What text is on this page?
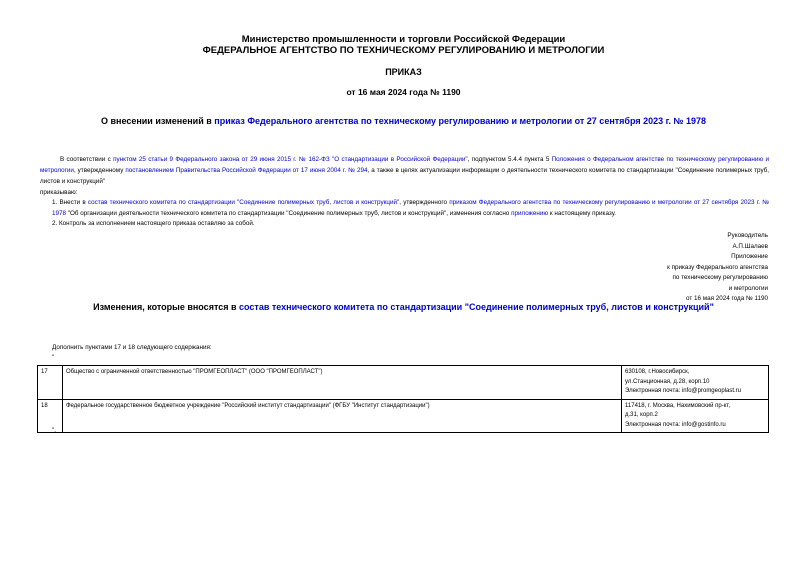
Министерство промышленности и торговли Российской Федерации
ФЕДЕРАЛЬНОЕ АГЕНТСТВО ПО ТЕХНИЧЕСКОМУ РЕГУЛИРОВАНИЮ И МЕТРОЛОГИИ
ПРИКАЗ
от 16 мая 2024 года № 1190
О внесении изменений в приказ Федерального агентства по техническому регулированию и метрологии от 27 сентября 2023 г. № 1978
В соответствии с пунктом 25 статьи 9 Федерального закона от 29 июня 2015 г. № 162-ФЗ "О стандартизации в Российской Федерации", подпунктом 5.4.4 пункта 5 Положения о Федеральном агентстве по техническому регулированию и метрологии, утвержденному постановлением Правительства Российской Федерации от 17 июня 2004 г. № 294, а также в целях актуализации информации о деятельности технического комитета по стандартизации "Соединение полимерных труб, листов и конструкций"
приказываю:
1. Внести в состав технического комитета по стандартизации "Соединение полимерных труб, листов и конструкций", утвержденного приказом Федерального агентства по техническому регулированию и метрологии от 27 сентября 2023 г. № 1978 "Об организации деятельности технического комитета по стандартизации "Соединение полимерных труб, листов и конструкций", изменения согласно приложению к настоящему приказу.
2. Контроль за исполнением настоящего приказа оставляю за собой.
Руководитель
А.П.Шалаев
Приложение
к приказу Федерального агентства
по техническому регулированию
и метрологии
от 16 мая 2024 года № 1190
Изменения, которые вносятся в состав технического комитета по стандартизации "Соединение полимерных труб, листов и конструкций"
Дополнить пунктами 17 и 18 следующего содержания:
"
17	Общество с ограниченной ответственностью "ПРОМГЕОПЛАСТ" (ООО "ПРОМГЕОПЛАСТ")	630108, г.Новосибирск,
ул.Станционная, д.28, корп.10
Электронная почта: info@promgeoplast.ru

18	Федеральное государственное бюджетное учреждение "Российский институт стандартизации" (ФГБУ "Институт стандартизации")	117418, г. Москва, Нахимовский пр-кт,
д.31, корп.2
Электронная почта: info@gostinfo.ru
".
